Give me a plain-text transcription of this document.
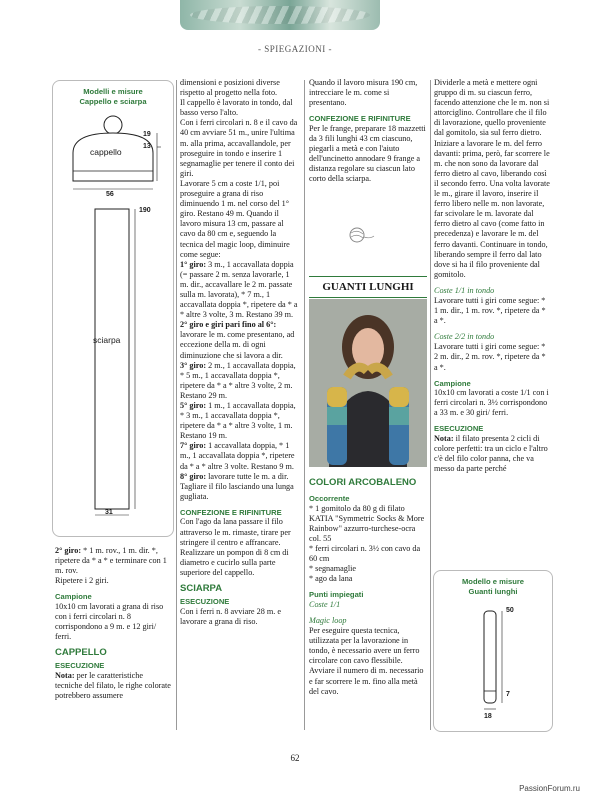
- SPIEGAZIONI -
Modelli e misure
Cappello e sciarpa
cappello
19
13
56
190
sciarpa
31

2° giro: * 1 m. rov., 1 m. dir. *, ripetere da * a * e terminare con 1 m. rov.

Ripetere i 2 giri.

Campione

10x10 cm lavorati a grana di riso con i ferri circolari n. 8 corrispondono a 9 m. e 12 giri/ ferri.

CAPPELLO

ESECUZIONE

Nota: per le caratteristiche tecniche del filato, le righe colorate potrebbero assumere

dimensioni e posizioni diverse rispetto al progetto nella foto.

Il cappello è lavorato in tondo, dal basso verso l'alto.

Con i ferri circolari n. 8 e il cavo da 40 cm avviare 51 m., unire l'ultima m. alla prima, accavallandole, per proseguire in tondo e inserire 1 segnamaglie per tenere il conto dei giri.

Lavorare 5 cm a coste 1/1, poi proseguire a grana di riso diminuendo 1 m. nel corso del 1° giro. Restano 49 m. Quando il lavoro misura 13 cm, passare al cavo da 80 cm e, seguendo la tecnica del magic loop, diminuire come segue:

1° giro: 3 m., 1 accavallata doppia (= passare 2 m. senza lavorarle, 1 m. dir., accavallare le 2 m. passate sulla m. lavorata), * 7 m., 1 accavallata doppia *, ripetere da * a * altre 3 volte, 3 m. Restano 39 m.

2° giro e giri pari fino al 6°: lavorare le m. come presentano, ad eccezione della m. di ogni diminuzione che si lavora a dir.

3° giro: 2 m., 1 accavallata doppia, * 5 m., 1 accavallata doppia *, ripetere da * a * altre 3 volte, 2 m. Restano 29 m.

5° giro: 1 m., 1 accavallata doppia, * 3 m., 1 accavallata doppia *, ripetere da * a * altre 3 volte, 1 m. Restano 19 m.

7° giro: 1 accavallata doppia, * 1 m., 1 accavallata doppia *, ripetere da * a * altre 3 volte. Restano 9 m.

8° giro: lavorare tutte le m. a dir.

Tagliare il filo lasciando una lunga gugliata.

CONFEZIONE E RIFINITURE

Con l'ago da lana passare il filo attraverso le m. rimaste, tirare per stringere il centro e affrancare. Realizzare un pompon di 8 cm di diametro e cucirlo sulla parte superiore del cappello.

SCIARPA

ESECUZIONE

Con i ferri n. 8 avviare 28 m. e lavorare a grana di riso.

Quando il lavoro misura 190 cm, intrecciare le m. come si presentano.

CONFEZIONE E RIFINITURE

Per le frange, preparare 18 mazzetti da 3 fili lunghi 43 cm ciascuno, piegarli a metà e con l'aiuto dell'uncinetto annodare 9 frange a distanza regolare su ciascun lato corto della sciarpa.

GUANTI LUNGHI

COLORI ARCOBALENO

Occorrente

* 1 gomitolo da 80 g di filato KATIA "Symmetric Socks & More Rainbow" azzurro-turchese-ocra col. 55

* ferri circolari n. 3½ con cavo da 60 cm

* segnamaglie

* ago da lana

Punti impiegati

Coste 1/1

Magic loop

Per eseguire questa tecnica, utilizzata per la lavorazione in tondo, è necessario avere un ferro circolare con cavo flessibile. Avviare il numero di m. necessario e far scorrere le m. fino alla metà del cavo.

Dividerle a metà e mettere ogni gruppo di m. su ciascun ferro, facendo attenzione che le m. non si attorciglino. Controllare che il filo di lavorazione, quello proveniente dal gomitolo, sia sul ferro dietro. Iniziare a lavorare le m. del ferro davanti: prima, però, far scorrere le m. che non sono da lavorare dal ferro dietro al cavo, liberando così il secondo ferro. Una volta lavorate le m., girare il lavoro, inserire il ferro libero nelle m. non lavorate, far scivolare le m. lavorate dal ferro dietro al cavo (come fatto in precedenza) e lavorare le m. del ferro davanti. Continuare in tondo, liberando sempre il ferro dal lato dove si ha il filo proveniente dal gomitolo.

Coste 1/1 in tondo

Lavorare tutti i giri come segue: * 1 m. dir., 1 m. rov. *, ripetere da * a *.

Coste 2/2 in tondo

Lavorare tutti i giri come segue: * 2 m. dir., 2 m. rov. *, ripetere da * a *.

Campione

10x10 cm lavorati a coste 1/1 con i ferri circolari n. 3½ corrispondono a 33 m. e 30 giri/ ferri.

ESECUZIONE

Nota: il filato presenta 2 cicli di colore perfetti: tra un ciclo e l'altro c'è del filo color panna, che va messo da parte perché

Modello e misure
Guanti lunghi
50
7
18
62
PassionForum.ru
